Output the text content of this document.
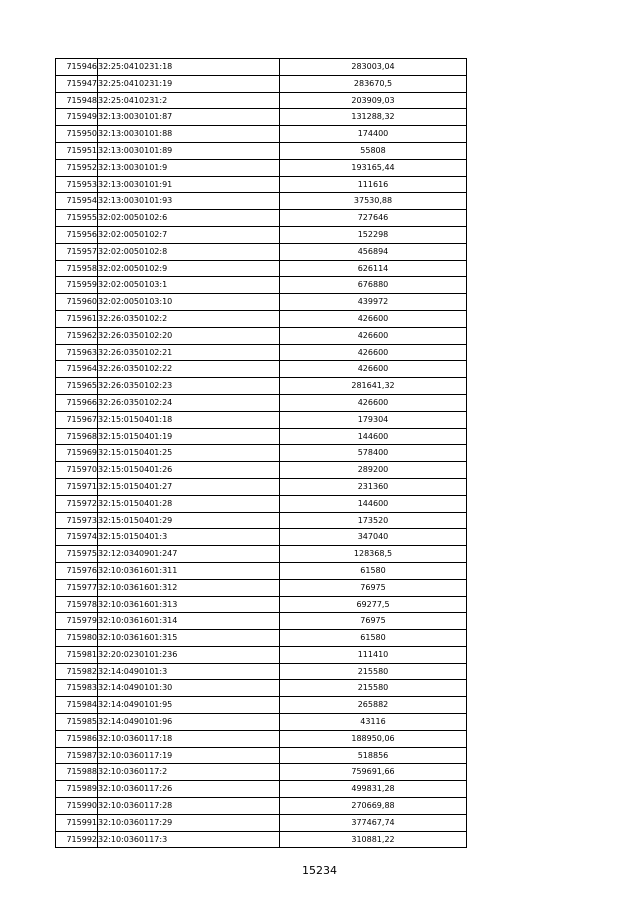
715946	32:25:0410231:18	283003,04
715947	32:25:0410231:19	283670,5
715948	32:25:0410231:2	203909,03
715949	32:13:0030101:87	131288,32
715950	32:13:0030101:88	174400
715951	32:13:0030101:89	55808
715952	32:13:0030101:9	193165,44
715953	32:13:0030101:91	111616
715954	32:13:0030101:93	37530,88
715955	32:02:0050102:6	727646
715956	32:02:0050102:7	152298
715957	32:02:0050102:8	456894
715958	32:02:0050102:9	626114
715959	32:02:0050103:1	676880
715960	32:02:0050103:10	439972
715961	32:26:0350102:2	426600
715962	32:26:0350102:20	426600
715963	32:26:0350102:21	426600
715964	32:26:0350102:22	426600
715965	32:26:0350102:23	281641,32
715966	32:26:0350102:24	426600
715967	32:15:0150401:18	179304
715968	32:15:0150401:19	144600
715969	32:15:0150401:25	578400
715970	32:15:0150401:26	289200
715971	32:15:0150401:27	231360
715972	32:15:0150401:28	144600
715973	32:15:0150401:29	173520
715974	32:15:0150401:3	347040
715975	32:12:0340901:247	128368,5
715976	32:10:0361601:311	61580
715977	32:10:0361601:312	76975
715978	32:10:0361601:313	69277,5
715979	32:10:0361601:314	76975
715980	32:10:0361601:315	61580
715981	32:20:0230101:236	111410
715982	32:14:0490101:3	215580
715983	32:14:0490101:30	215580
715984	32:14:0490101:95	265882
715985	32:14:0490101:96	43116
715986	32:10:0360117:18	188950,06
715987	32:10:0360117:19	518856
715988	32:10:0360117:2	759691,66
715989	32:10:0360117:26	499831,28
715990	32:10:0360117:28	270669,88
715991	32:10:0360117:29	377467,74
715992	32:10:0360117:3	310881,22
15234
